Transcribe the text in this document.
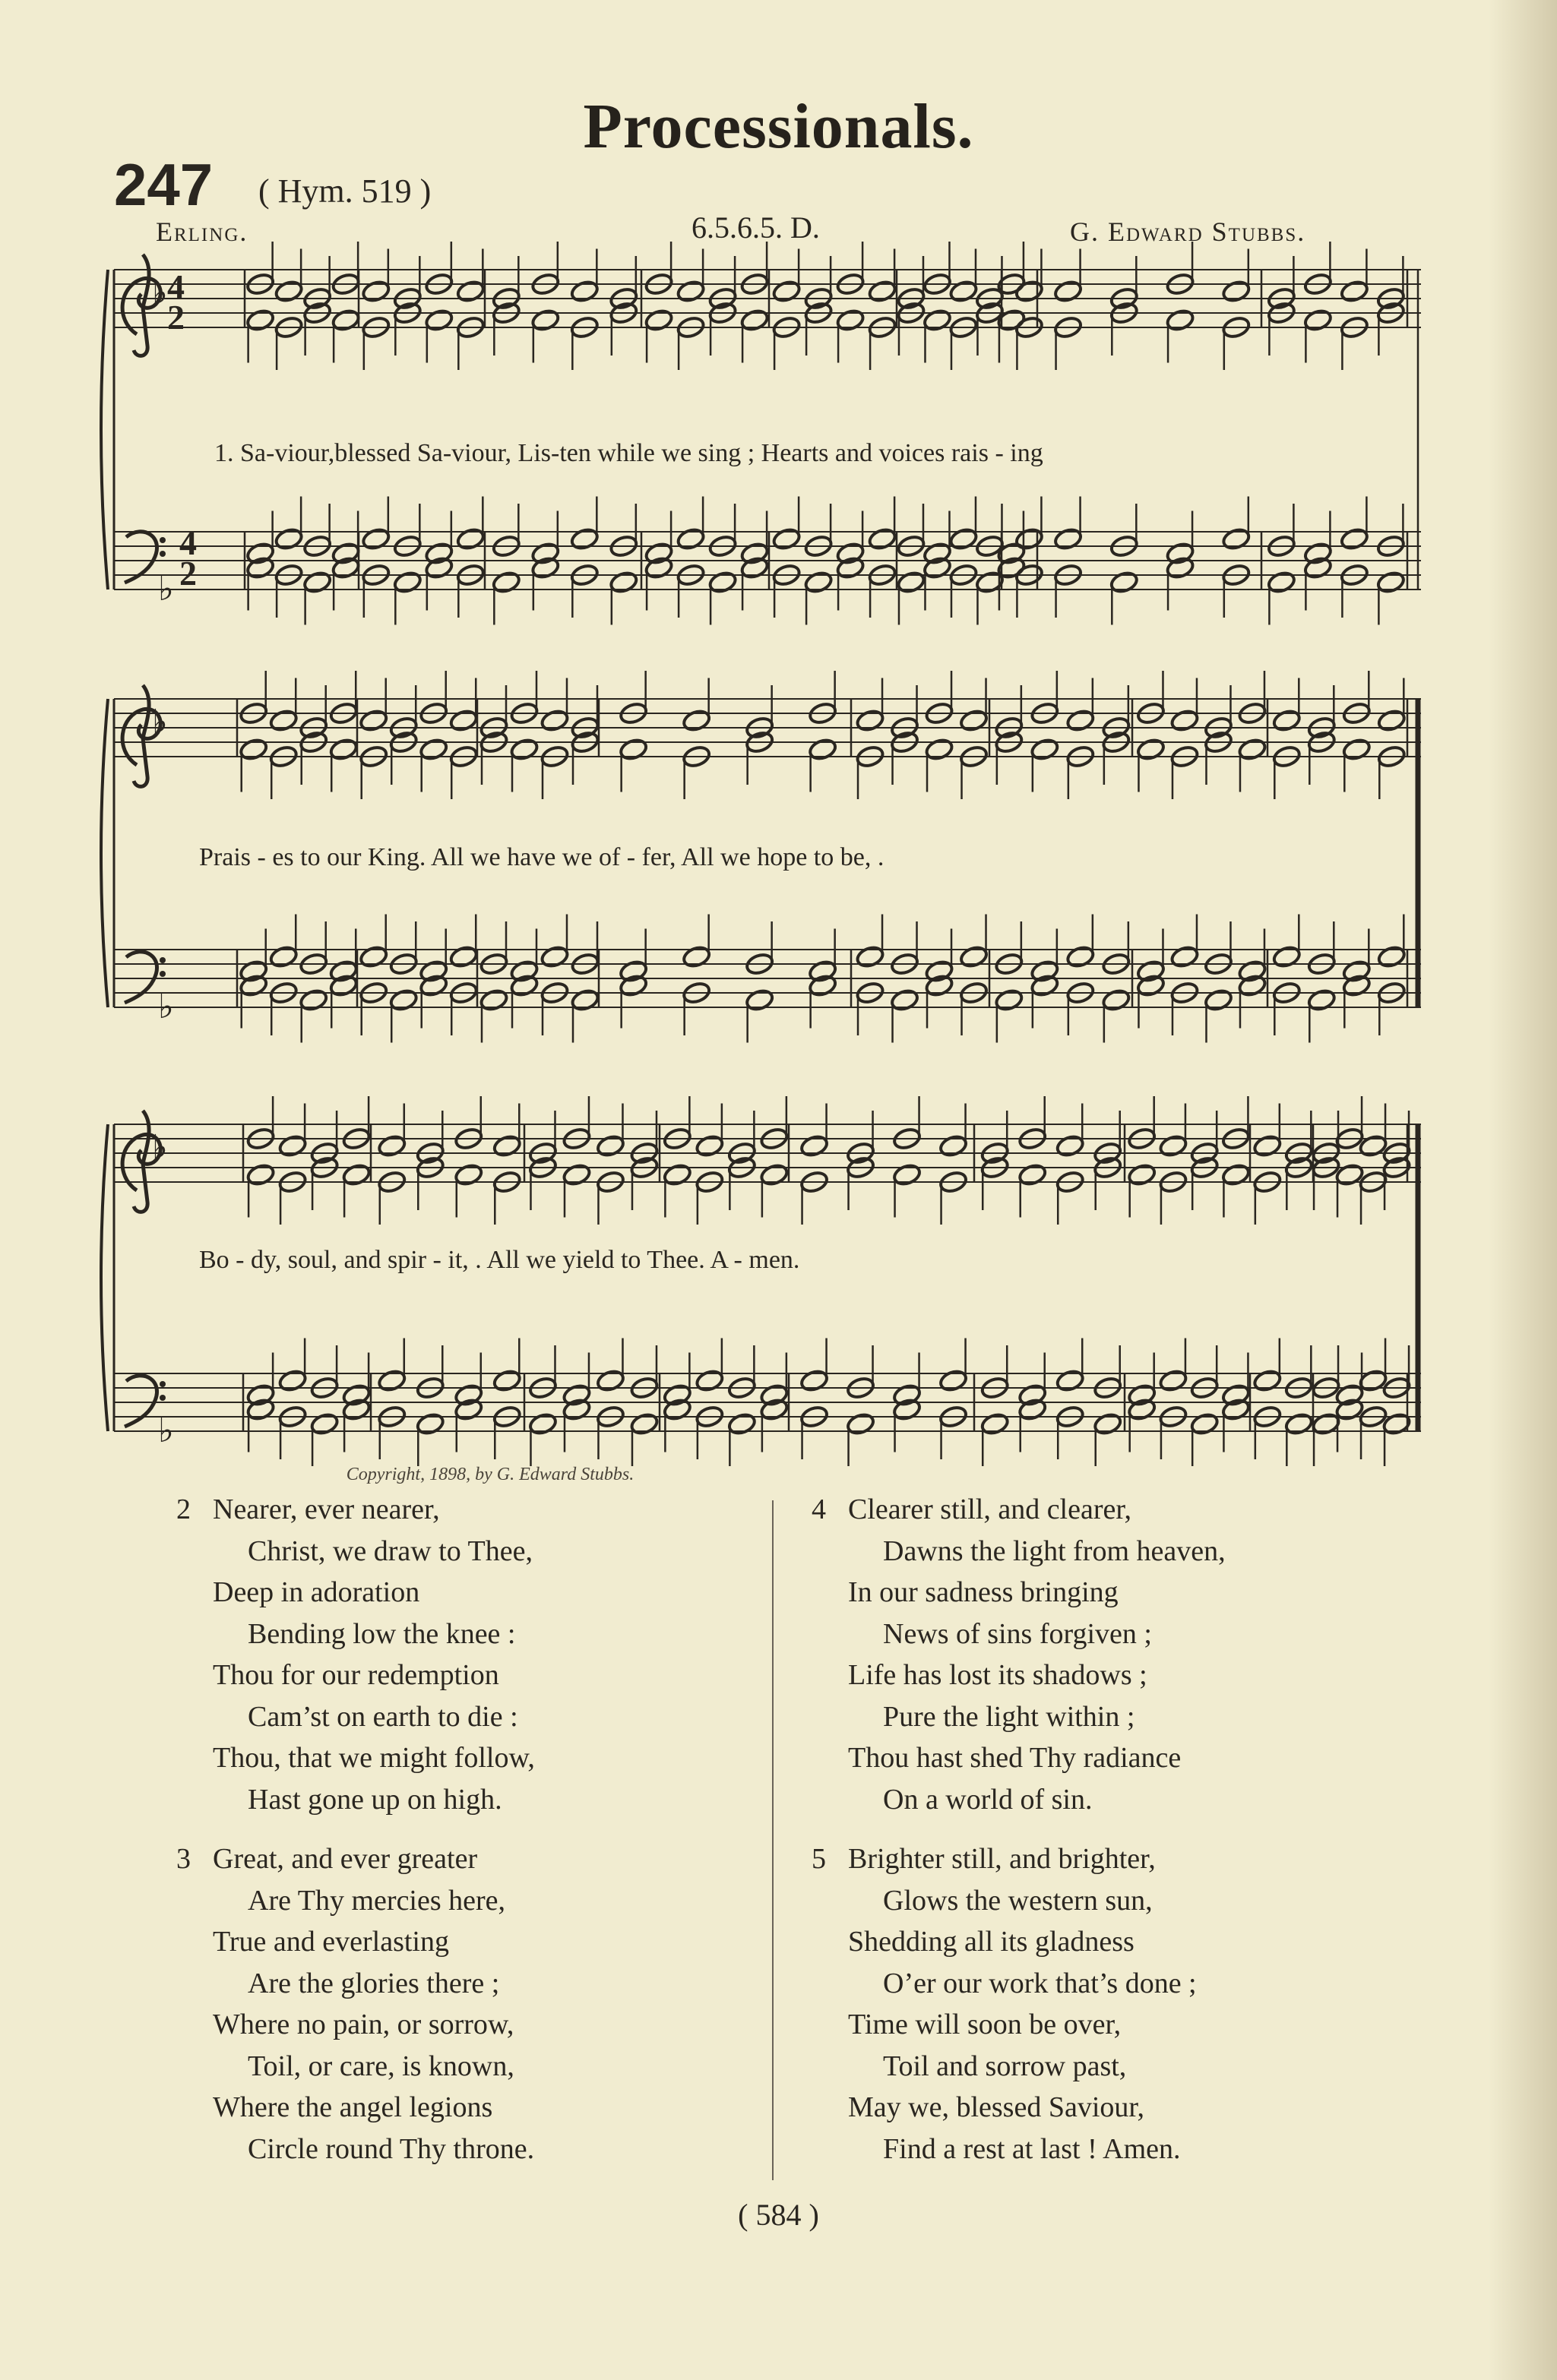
Processionals.
247 ( Hym. 519 )
Erling.	6.5.6.5. D.	G. Edward Stubbs.
4
2
4
2
♭
♭
♭
♭
♭
♭
1. Sa-viour,blessed Sa-viour, Lis-ten while we sing ; Hearts and voices rais - ing
Prais - es to our King. All we have we of - fer, All we hope to be, .
Bo - dy, soul, and spir - it, . All we yield to Thee. A - men.
Copyright, 1898, by G. Edward Stubbs.
2 Nearer, ever nearer,
Christ, we draw to Thee,
Deep in adoration
Bending low the knee :
Thou for our redemption
Cam’st on earth to die :
Thou, that we might follow,
Hast gone up on high.
3 Great, and ever greater
Are Thy mercies here,
True and everlasting
Are the glories there ;
Where no pain, or sorrow,
Toil, or care, is known,
Where the angel legions
Circle round Thy throne.
4 Clearer still, and clearer,
Dawns the light from heaven,
In our sadness bringing
News of sins forgiven ;
Life has lost its shadows ;
Pure the light within ;
Thou hast shed Thy radiance
On a world of sin.
5 Brighter still, and brighter,
Glows the western sun,
Shedding all its gladness
O’er our work that’s done ;
Time will soon be over,
Toil and sorrow past,
May we, blessed Saviour,
Find a rest at last ! Amen.
( 584 )
